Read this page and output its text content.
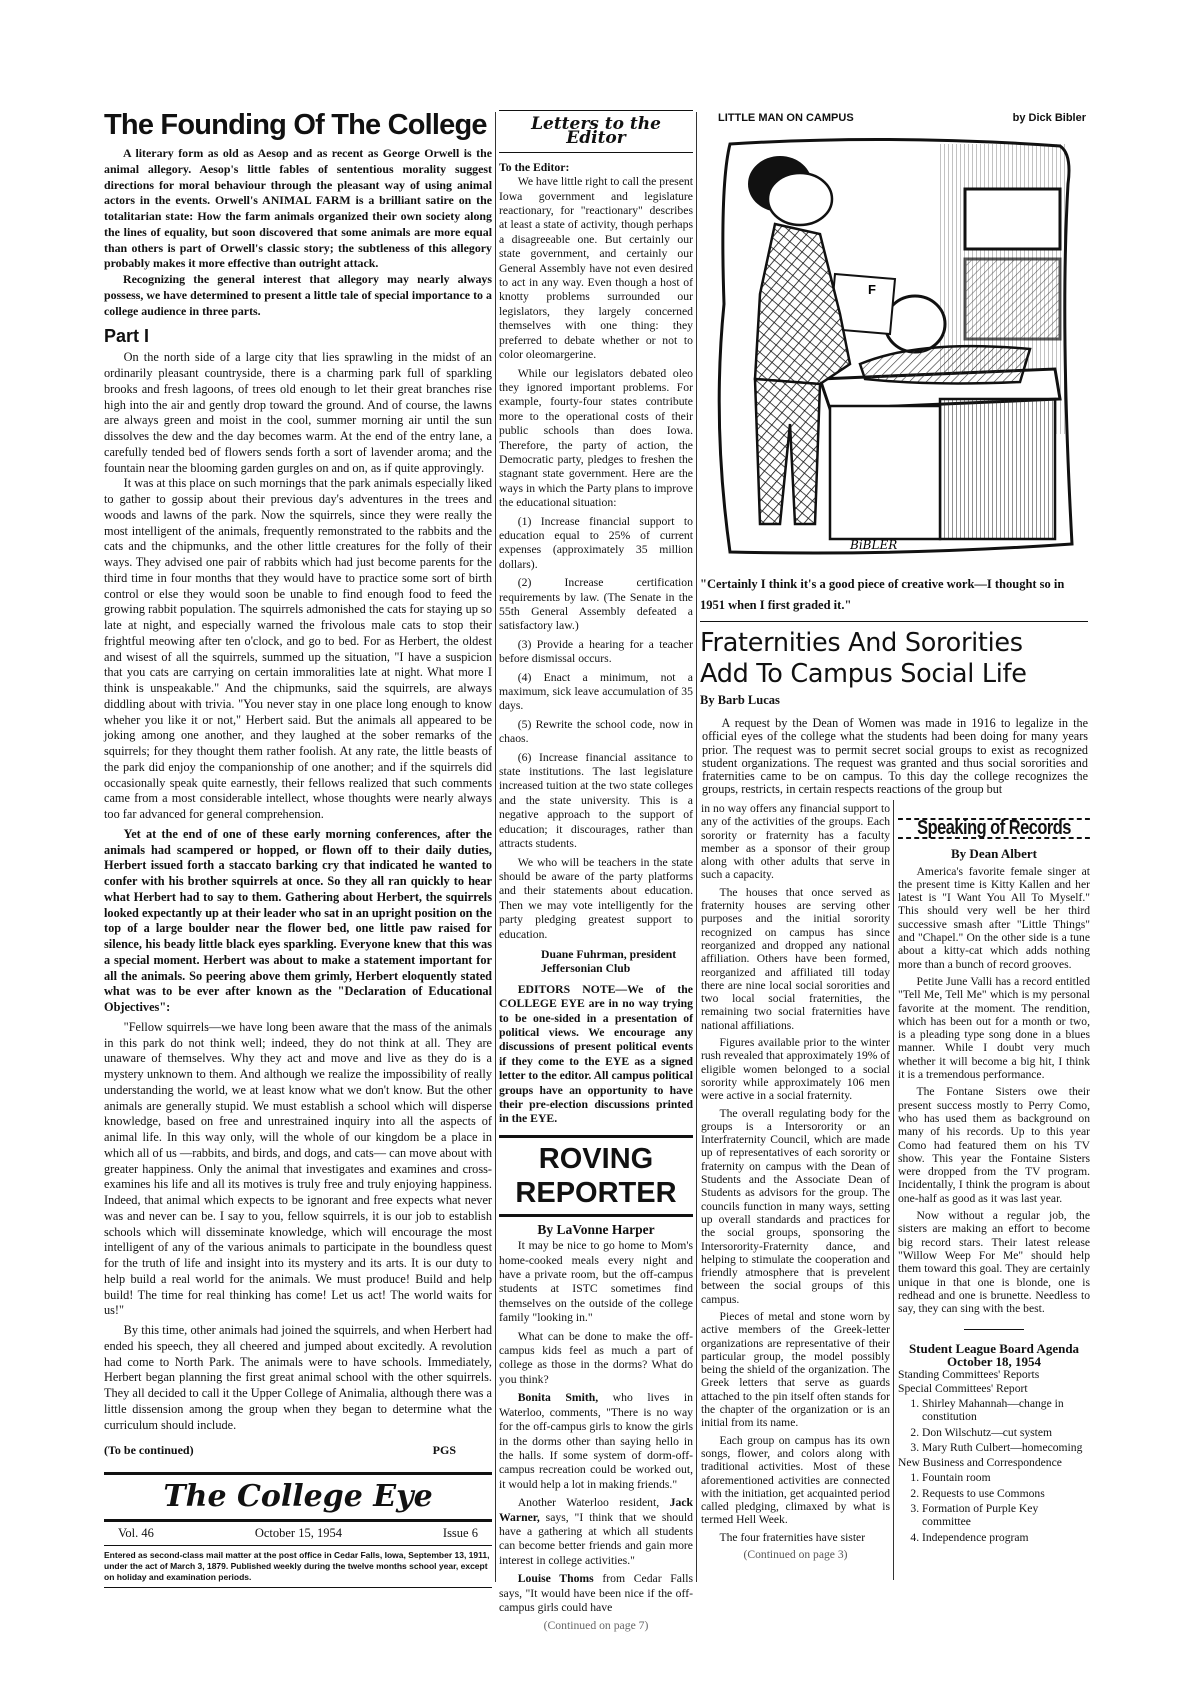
The Founding Of The College

A literary form as old as Aesop and as recent as George Orwell is the animal allegory. Aesop's little fables of sententious morality suggest directions for moral behaviour through the pleasant way of using animal actors in the events. Orwell's ANIMAL FARM is a brilliant satire on the totalitarian state: How the farm animals organized their own society along the lines of equality, but soon discovered that some animals are more equal than others is part of Orwell's classic story; the subtleness of this allegory probably makes it more effective than outright attack.

Recognizing the general interest that allegory may nearly always possess, we have determined to present a little tale of special importance to a college audience in three parts.

Part I

On the north side of a large city that lies sprawling in the midst of an ordinarily pleasant countryside, there is a charming park full of sparkling brooks and fresh lagoons, of trees old enough to let their great branches rise high into the air and gently drop toward the ground. And of course, the lawns are always green and moist in the cool, summer morning air until the sun dissolves the dew and the day becomes warm. At the end of the entry lane, a carefully tended bed of flowers sends forth a sort of lavender aroma; and the fountain near the blooming garden gurgles on and on, as if quite approvingly.

It was at this place on such mornings that the park animals especially liked to gather to gossip about their previous day's adventures in the trees and woods and lawns of the park. Now the squirrels, since they were really the most intelligent of the animals, frequently remonstrated to the rabbits and the cats and the chipmunks, and the other little creatures for the folly of their ways. They advised one pair of rabbits which had just become parents for the third time in four months that they would have to practice some sort of birth control or else they would soon be unable to find enough food to feed the growing rabbit population. The squirrels admonished the cats for staying up so late at night, and especially warned the frivolous male cats to stop their frightful meowing after ten o'clock, and go to bed. For as Herbert, the oldest and wisest of all the squirrels, summed up the situation, "I have a suspicion that you cats are carrying on certain immoralities late at night. What more I think is unspeakable." And the chipmunks, said the squirrels, are always diddling about with trivia. "You never stay in one place long enough to know wheher you like it or not," Herbert said. But the animals all appeared to be joking among one another, and they laughed at the sober remarks of the squirrels; for they thought them rather foolish. At any rate, the little beasts of the park did enjoy the companionship of one another; and if the squirrels did occasionally speak quite earnestly, their fellows realized that such comments came from a most considerable intellect, whose thoughts were nearly always too far advanced for general comprehension.

Yet at the end of one of these early morning conferences, after the animals had scampered or hopped, or flown off to their daily duties, Herbert issued forth a staccato barking cry that indicated he wanted to confer with his brother squirrels at once. So they all ran quickly to hear what Herbert had to say to them. Gathering about Herbert, the squirrels looked expectantly up at their leader who sat in an upright position on the top of a large boulder near the flower bed, one little paw raised for silence, his beady little black eyes sparkling. Everyone knew that this was a special moment. Herbert was about to make a statement important for all the animals. So peering above them grimly, Herbert eloquently stated what was to be ever after known as the "Declaration of Educational Objectives":

"Fellow squirrels—we have long been aware that the mass of the animals in this park do not think well; indeed, they do not think at all. They are unaware of themselves. Why they act and move and live as they do is a mystery unknown to them. And although we realize the impossibility of really understanding the world, we at least know what we don't know. But the other animals are generally stupid. We must establish a school which will disperse knowledge, based on free and unrestrained inquiry into all the aspects of animal life. In this way only, will the whole of our kingdom be a place in which all of us —rabbits, and birds, and dogs, and cats— can move about with greater happiness. Only the animal that investigates and examines and cross-examines his life and all its motives is truly free and truly enjoying happiness. Indeed, that animal which expects to be ignorant and free expects what never was and never can be. I say to you, fellow squirrels, it is our job to establish schools which will disseminate knowledge, which will encourage the most intelligent of any of the various animals to participate in the boundless quest for the truth of life and insight into its mystery and its arts. It is our duty to help build a real world for the animals. We must produce! Build and help build! The time for real thinking has come! Let us act! The world waits for us!"

By this time, other animals had joined the squirrels, and when Herbert had ended his speech, they all cheered and jumped about excitedly. A revolution had come to North Park. The animals were to have schools. Immediately, Herbert began planning the first great animal school with the other squirrels. They all decided to call it the Upper College of Animalia, although there was a little dissension among the group when they began to determine what the curriculum should include.

(To be continued)	PGS
The College Eye
Vol. 46	October 15, 1954	Issue 6
Entered as second-class mail matter at the post office in Cedar Falls, Iowa, September 13, 1911, under the act of March 3, 1879. Published weekly during the twelve months school year, except on holiday and examination periods.
Letters to the Editor
To the Editor:

We have little right to call the present Iowa government and legislature reactionary, for "reactionary" describes at least a state of activity, though perhaps a disagreeable one. But certainly our state government, and certainly our General Assembly have not even desired to act in any way. Even though a host of knotty problems surrounded our legislators, they largely concerned themselves with one thing: they preferred to debate whether or not to color oleomargerine.

While our legislators debated oleo they ignored important problems. For example, fourty-four states contribute more to the operational costs of their public schools than does Iowa. Therefore, the party of action, the Democratic party, pledges to freshen the stagnant state government. Here are the ways in which the Party plans to improve the educational situation:

(1) Increase financial support to education equal to 25% of current expenses (approximately 35 million dollars).

(2) Increase certification requirements by law. (The Senate in the 55th General Assembly defeated a satisfactory law.)

(3) Provide a hearing for a teacher before dismissal occurs.

(4) Enact a minimum, not a maximum, sick leave accumulation of 35 days.

(5) Rewrite the school code, now in chaos.

(6) Increase financial assitance to state institutions. The last legislature increased tuition at the two state colleges and the state university. This is a negative approach to the support of education; it discourages, rather than attracts students.

We who will be teachers in the state should be aware of the party platforms and their statements about education. Then we may vote intelligently for the party pledging greatest support to education.

Duane Fuhrman, president
Jeffersonian Club

EDITORS NOTE—We of the COLLEGE EYE are in no way trying to be one-sided in a presentation of political views. We encourage any discussions of present political events if they come to the EYE as a signed letter to the editor. All campus political groups have an opportunity to have their pre-election discussions printed in the EYE.

ROVING
REPORTER
By LaVonne Harper

It may be nice to go home to Mom's home-cooked meals every night and have a private room, but the off-campus students at ISTC sometimes find themselves on the outside of the college family "looking in."

What can be done to make the off-campus kids feel as much a part of college as those in the dorms? What do you think?

Bonita Smith, who lives in Waterloo, comments, "There is no way for the off-campus girls to know the girls in the dorms other than saying hello in the halls. If some system of dorm-off-campus recreation could be worked out, it would help a lot in making friends."

Another Waterloo resident, Jack Warner, says, "I think that we should have a gathering at which all students can become better friends and gain more interest in college activities."

Louise Thoms from Cedar Falls says, "It would have been nice if the off-campus girls could have

(Continued on page 7)
LITTLE MAN ON CAMPUS	by Dick Bibler
F
BiBLER
"Certainly I think it's a good piece of creative work—I thought so in 1951 when I first graded it."
Fraternities And Sororities
Add To Campus Social Life
By Barb Lucas

A request by the Dean of Women was made in 1916 to legalize in the official eyes of the college what the students had been doing for many years prior. The request was to permit secret social groups to exist as recognized student organizations. The request was granted and thus social sororities and fraternities came to be on campus. To this day the college recognizes the groups, restricts, in certain respects reactions of the group but

in no way offers any financial support to any of the activities of the groups. Each sorority or fraternity has a faculty member as a sponsor of their group along with other adults that serve in such a capacity.

The houses that once served as fraternity houses are serving other purposes and the initial sorority recognized on campus has since reorganized and dropped any national affiliation. Others have been formed, reorganized and affiliated till today there are nine local social sororities and two local social fraternities, the remaining two social fraternities have national affiliations.

Figures available prior to the winter rush revealed that approximately 19% of eligible women belonged to a social sorority while approximately 106 men were active in a social fraternity.

The overall regulating body for the groups is a Intersorority or an Interfraternity Council, which are made up of representatives of each sorority or fraternity on campus with the Dean of Students and the Associate Dean of Students as advisors for the group. The councils function in many ways, setting up overall standards and practices for the social groups, sponsoring the Intersorority-Fraternity dance, and helping to stimulate the cooperation and friendly atmosphere that is prevelent between the social groups of this campus.

Pieces of metal and stone worn by active members of the Greek-letter organizations are representative of their particular group, the model possibly being the shield of the organization. The Greek letters that serve as guards attached to the pin itself often stands for the chapter of the organization or is an initial from its name.

Each group on campus has its own songs, flower, and colors along with traditional activities. Most of these aforementioned activities are connected with the initiation, get acquainted period called pledging, climaxed by what is termed Hell Week.

The four fraternities have sister

(Continued on page 3)
Speaking of Records
By Dean Albert

America's favorite female singer at the present time is Kitty Kallen and her latest is "I Want You All To Myself." This should very well be her third successive smash after "Little Things" and "Chapel." On the other side is a tune about a kitty-cat which adds nothing more than a bunch of record grooves.

Petite June Valli has a record entitled "Tell Me, Tell Me" which is my personal favorite at the moment. The rendition, which has been out for a month or two, is a pleading type song done in a blues manner. While I doubt very much whether it will become a big hit, I think it is a tremendous performance.

The Fontane Sisters owe their present success mostly to Perry Como, who has used them as background on many of his records. Up to this year Como had featured them on his TV show. This year the Fontaine Sisters were dropped from the TV program. Incidentally, I think the program is about one-half as good as it was last year.

Now without a regular job, the sisters are making an effort to become big record stars. Their latest release "Willow Weep For Me" should help them toward this goal. They are certainly unique in that one is blonde, one is redhead and one is brunette. Needless to say, they can sing with the best.

Student League Board Agenda
October 18, 1954
Standing Committees' Reports
Special Committees' Report
1. Shirley Mahannah—change in constitution
2. Don Wilschutz—cut system
3. Mary Ruth Culbert—homecoming
New Business and Correspondence
1. Fountain room
2. Requests to use Commons
3. Formation of Purple Key committee
4. Independence program
